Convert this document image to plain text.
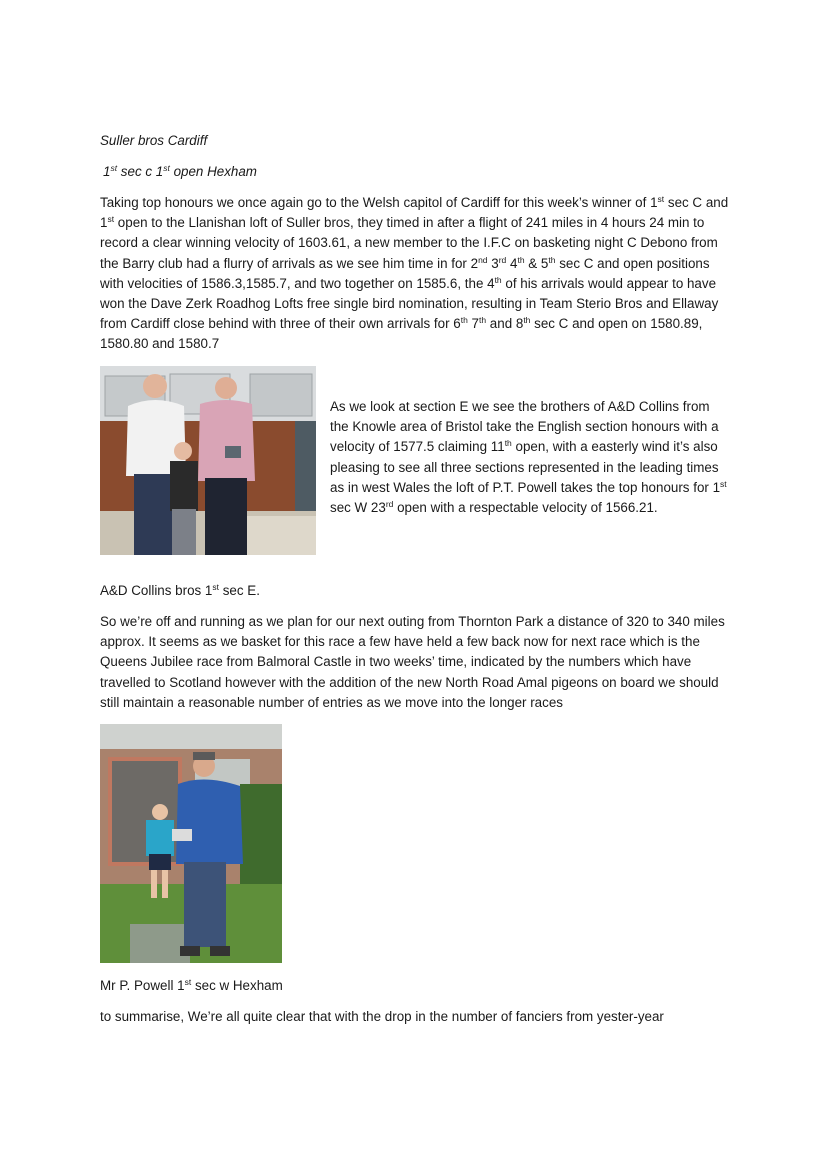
Suller bros Cardiff

1st sec c 1st open Hexham

Taking top honours we once again go to the Welsh capitol of Cardiff for this week’s winner of 1st sec C and 1st open to the Llanishan loft of Suller bros, they timed in after a flight of 241 miles in 4 hours 24 min to record a clear winning velocity of 1603.61, a new member to the I.F.C on basketing night C Debono from the Barry club had a flurry of arrivals as we see him time in for 2nd 3rd 4th & 5th sec C and open positions with velocities of 1586.3,1585.7, and two together on 1585.6, the 4th of his arrivals would appear to have won the Dave Zerk Roadhog Lofts free single bird nomination, resulting in Team Sterio Bros and Ellaway from Cardiff close behind with three of their own arrivals for 6th 7th and 8th sec C and open on 1580.89, 1580.80 and 1580.7

As we look at section E we see the brothers of A&D Collins from the Knowle area of Bristol take the English section honours with a velocity of 1577.5 claiming 11th open, with a easterly wind it’s also pleasing to see all three sections represented in the leading times as in west Wales the loft of P.T. Powell takes the top honours for 1st sec W 23rd open with a respectable velocity of 1566.21.

A&D Collins bros 1st sec E.

So we’re off and running as we plan for our next outing from Thornton Park a distance of 320 to 340 miles approx. It seems as we basket for this race a few have held a few back now for next race which is the Queens Jubilee race from Balmoral Castle in two weeks’ time, indicated by the numbers which have travelled to Scotland however with the addition of the new North Road Amal pigeons on board we should still maintain a reasonable number of entries as we move into the longer races

Mr P. Powell 1st sec w Hexham

to summarise, We’re all quite clear that with the drop in the number of fanciers from yester-year
